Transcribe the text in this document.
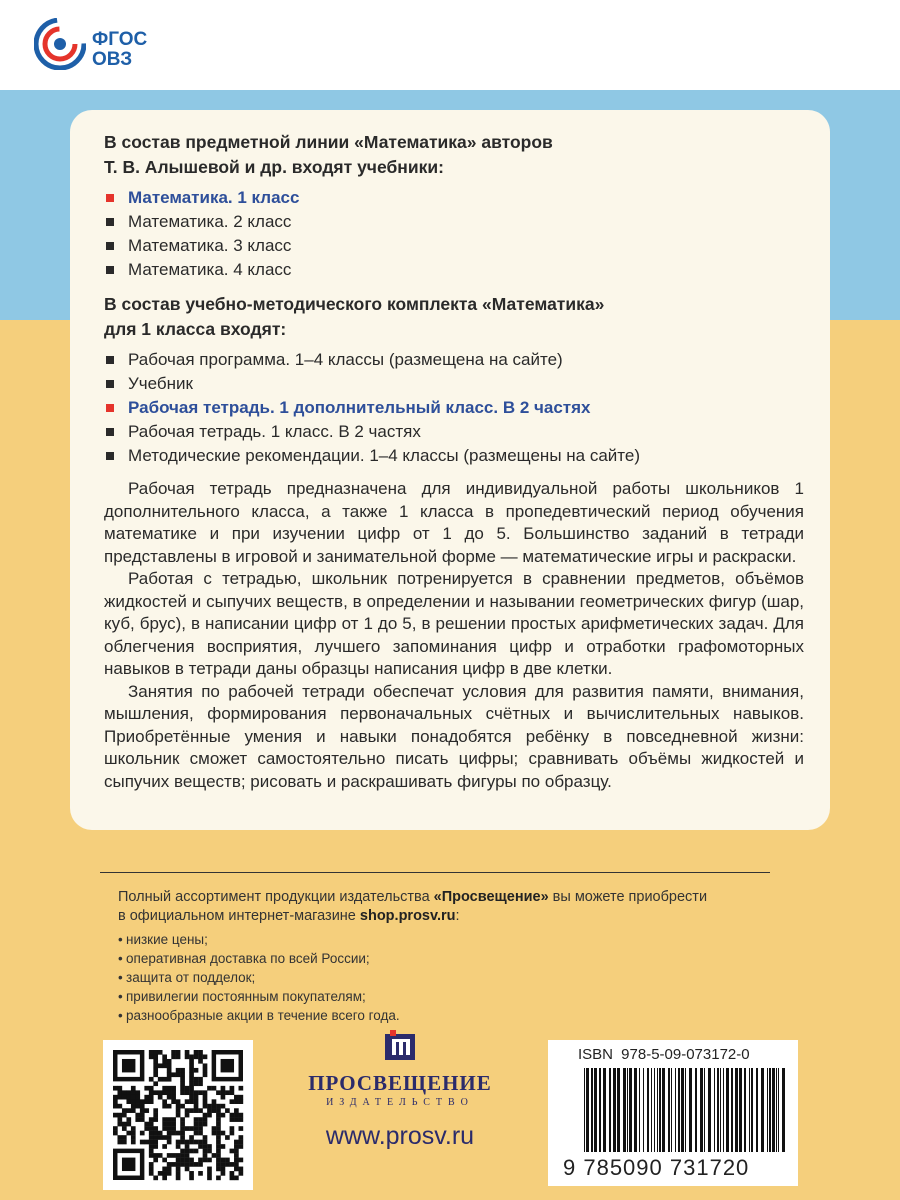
ФГОС
ОВЗ

В состав предметной линии «Математика» авторов
Т. В. Алышевой и др. входят учебники:

Математика. 1 класс
Математика. 2 класс
Математика. 3 класс
Математика. 4 класс

В состав учебно-методического комплекта «Математика»
для 1 класса входят:

Рабочая программа. 1–4 классы (размещена на сайте)
Учебник
Рабочая тетрадь. 1 дополнительный класс. В 2 частях
Рабочая тетрадь. 1 класс. В 2 частях
Методические рекомендации. 1–4 классы (размещены на сайте)

Рабочая тетрадь предназначена для индивидуальной работы школьников 1 дополнительного класса, а также 1 класса в пропедевтический период обучения математике и при изучении цифр от 1 до 5. Большинство заданий в тетради представлены в игровой и занимательной форме — математические игры и раскраски.

Работая с тетрадью, школьник потренируется в сравнении предметов, объёмов жидкостей и сыпучих веществ, в определении и назывании геометрических фигур (шар, куб, брус), в написании цифр от 1 до 5, в решении простых арифметических задач. Для облегчения восприятия, лучшего запоминания цифр и отработки графомоторных навыков в тетради даны образцы написания цифр в две клетки.

Занятия по рабочей тетради обеспечат условия для развития памяти, внимания, мышления, формирования первоначальных счётных и вычислительных навыков. Приобретённые умения и навыки понадобятся ребёнку в повседневной жизни: школьник сможет самостоятельно писать цифры; сравнивать объёмы жидкостей и сыпучих веществ; рисовать и раскрашивать фигуры по образцу.

Полный ассортимент продукции издательства «Просвещение» вы можете приобрести
в официальном интернет-магазине shop.prosv.ru:
• низкие цены;
• оперативная доставка по всей России;
• защита от подделок;
• привилегии постоянным покупателям;
• разнообразные акции в течение всего года.
ПРОСВЕЩЕНИЕ
ИЗДАТЕЛЬСТВО
www.prosv.ru
ISBN 978-5-09-073172-0
9 785090 731720
